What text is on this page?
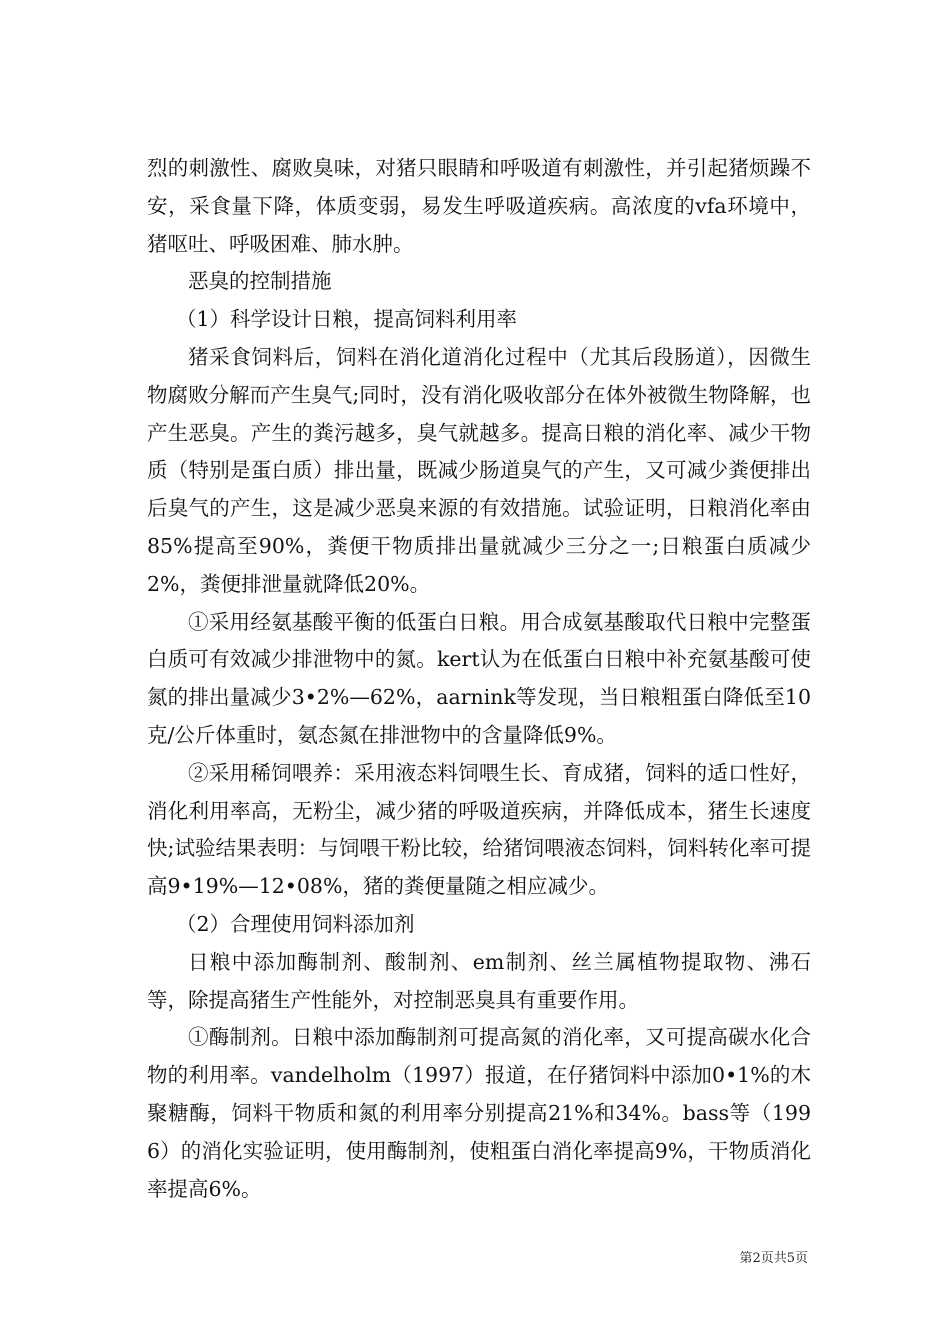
烈的刺激性、腐败臭味，对猪只眼睛和呼吸道有刺激性，并引起猪烦躁不安，采食量下降，体质变弱，易发生呼吸道疾病。高浓度的vfa环境中，猪呕吐、呼吸困难、肺水肿。

恶臭的控制措施

（1）科学设计日粮，提高饲料利用率

猪采食饲料后，饲料在消化道消化过程中（尤其后段肠道），因微生物腐败分解而产生臭气;同时，没有消化吸收部分在体外被微生物降解，也产生恶臭。产生的粪污越多，臭气就越多。提高日粮的消化率、减少干物质（特别是蛋白质）排出量，既减少肠道臭气的产生，又可减少粪便排出后臭气的产生，这是减少恶臭来源的有效措施。试验证明，日粮消化率由85%提高至90%，粪便干物质排出量就减少三分之一;日粮蛋白质减少2%，粪便排泄量就降低20%。

①采用经氨基酸平衡的低蛋白日粮。用合成氨基酸取代日粮中完整蛋白质可有效减少排泄物中的氮。kert认为在低蛋白日粮中补充氨基酸可使氮的排出量减少3•2%—62%，aarnink等发现，当日粮粗蛋白降低至10克/公斤体重时，氨态氮在排泄物中的含量降低9%。

②采用稀饲喂养：采用液态料饲喂生长、育成猪，饲料的适口性好，消化利用率高，无粉尘，减少猪的呼吸道疾病，并降低成本，猪生长速度快;试验结果表明：与饲喂干粉比较，给猪饲喂液态饲料，饲料转化率可提高9•19%—12•08%，猪的粪便量随之相应减少。

（2）合理使用饲料添加剂

日粮中添加酶制剂、酸制剂、em制剂、丝兰属植物提取物、沸石等，除提高猪生产性能外，对控制恶臭具有重要作用。

①酶制剂。日粮中添加酶制剂可提高氮的消化率，又可提高碳水化合物的利用率。vandelholm（1997）报道，在仔猪饲料中添加0•1%的木聚糖酶，饲料干物质和氮的利用率分别提高21%和34%。bass等（1996）的消化实验证明，使用酶制剂，使粗蛋白消化率提高9%，干物质消化率提高6%。

第2页共5页
